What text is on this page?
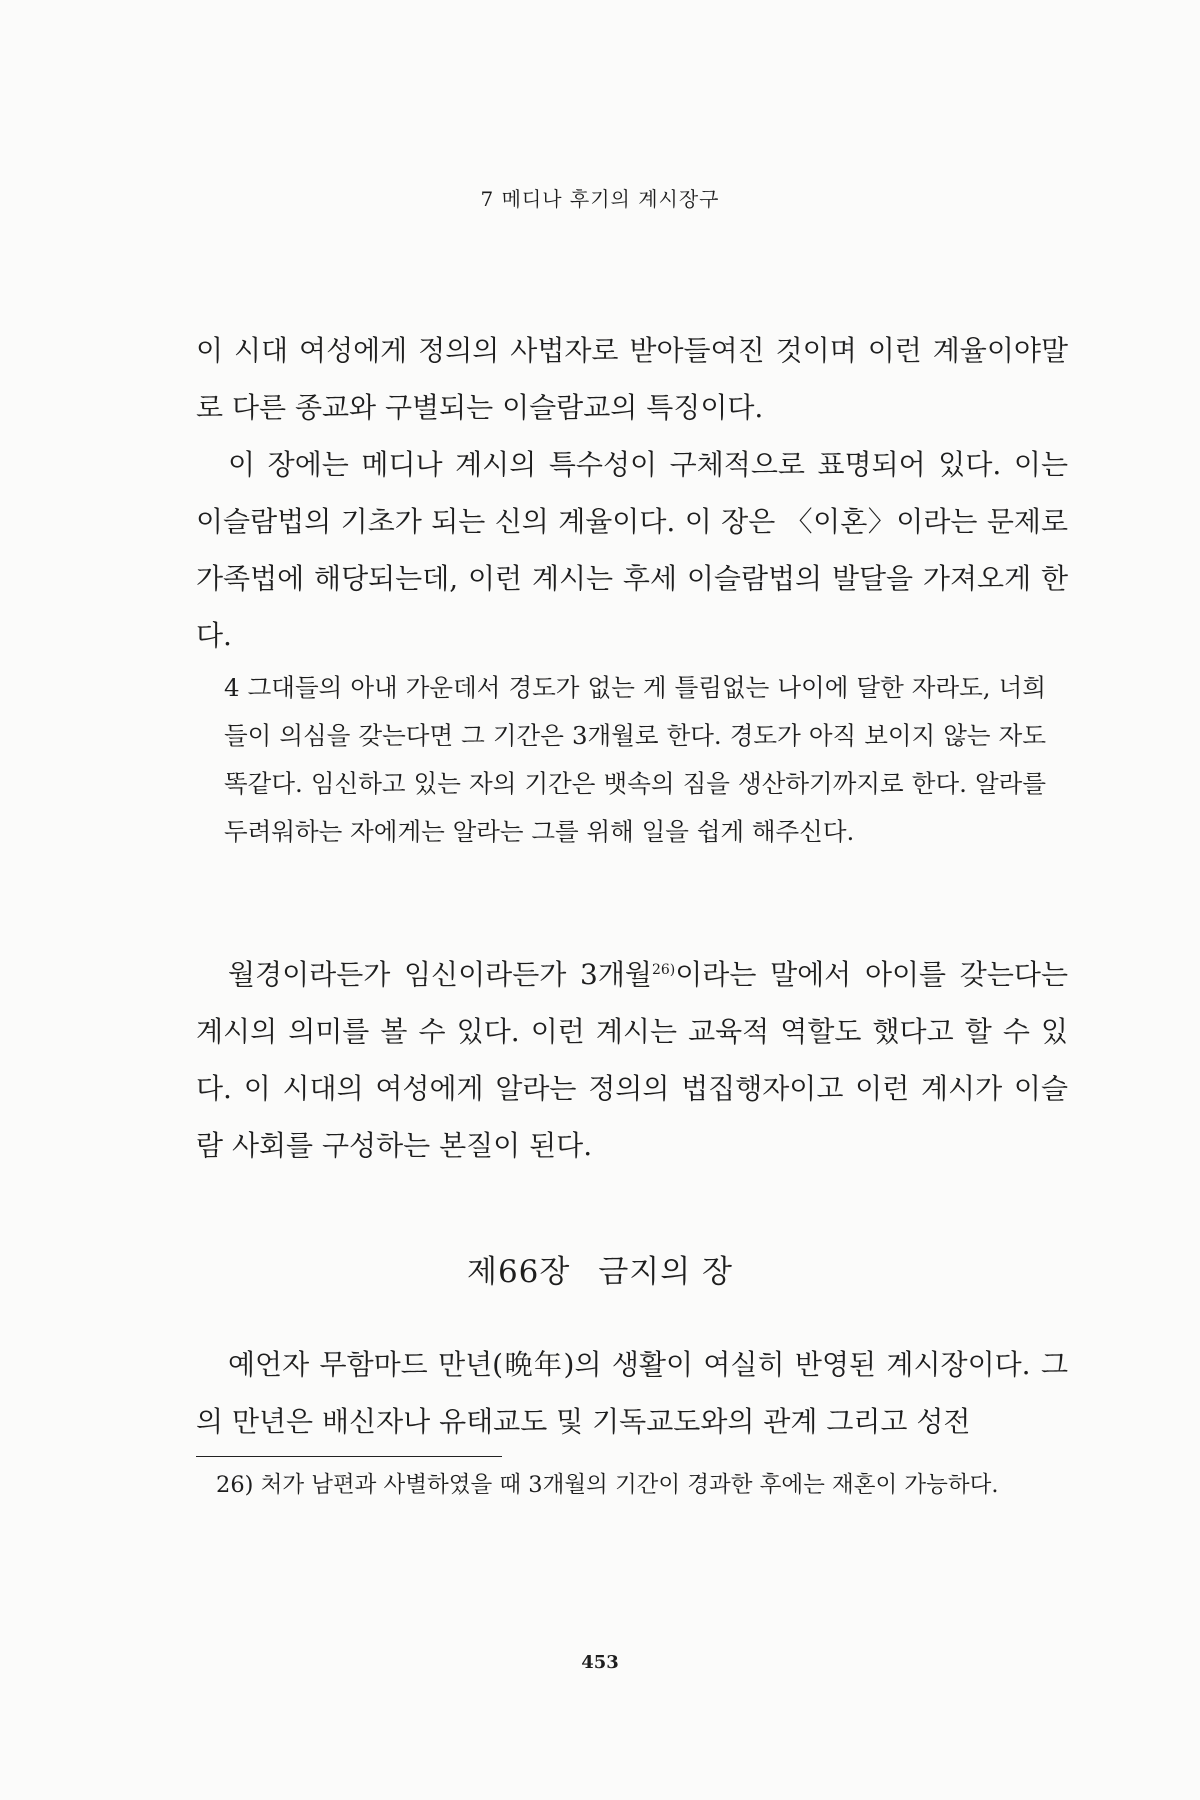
7 메디나 후기의 계시장구

이 시대 여성에게 정의의 사법자로 받아들여진 것이며 이런 계율이야말로 다른 종교와 구별되는 이슬람교의 특징이다.

이 장에는 메디나 계시의 특수성이 구체적으로 표명되어 있다. 이는 이슬람법의 기초가 되는 신의 계율이다. 이 장은 〈이혼〉이라는 문제로 가족법에 해당되는데, 이런 계시는 후세 이슬람법의 발달을 가져오게 한다.

4 그대들의 아내 가운데서 경도가 없는 게 틀림없는 나이에 달한 자라도, 너희들이 의심을 갖는다면 그 기간은 3개월로 한다. 경도가 아직 보이지 않는 자도 똑같다. 임신하고 있는 자의 기간은 뱃속의 짐을 생산하기까지로 한다. 알라를 두려워하는 자에게는 알라는 그를 위해 일을 쉽게 해주신다.

월경이라든가 임신이라든가 3개월$^{26)}$이라는 말에서 아이를 갖는다는 계시의 의미를 볼 수 있다. 이런 계시는 교육적 역할도 했다고 할 수 있다. 이 시대의 여성에게 알라는 정의의 법집행자이고 이런 계시가 이슬람 사회를 구성하는 본질이 된다.

제66장 금지의 장

예언자 무함마드 만년(晩年)의 생활이 여실히 반영된 계시장이다. 그의 만년은 배신자나 유태교도 및 기독교도와의 관계 그리고 성전

26) 처가 남편과 사별하였을 때 3개월의 기간이 경과한 후에는 재혼이 가능하다.

453
